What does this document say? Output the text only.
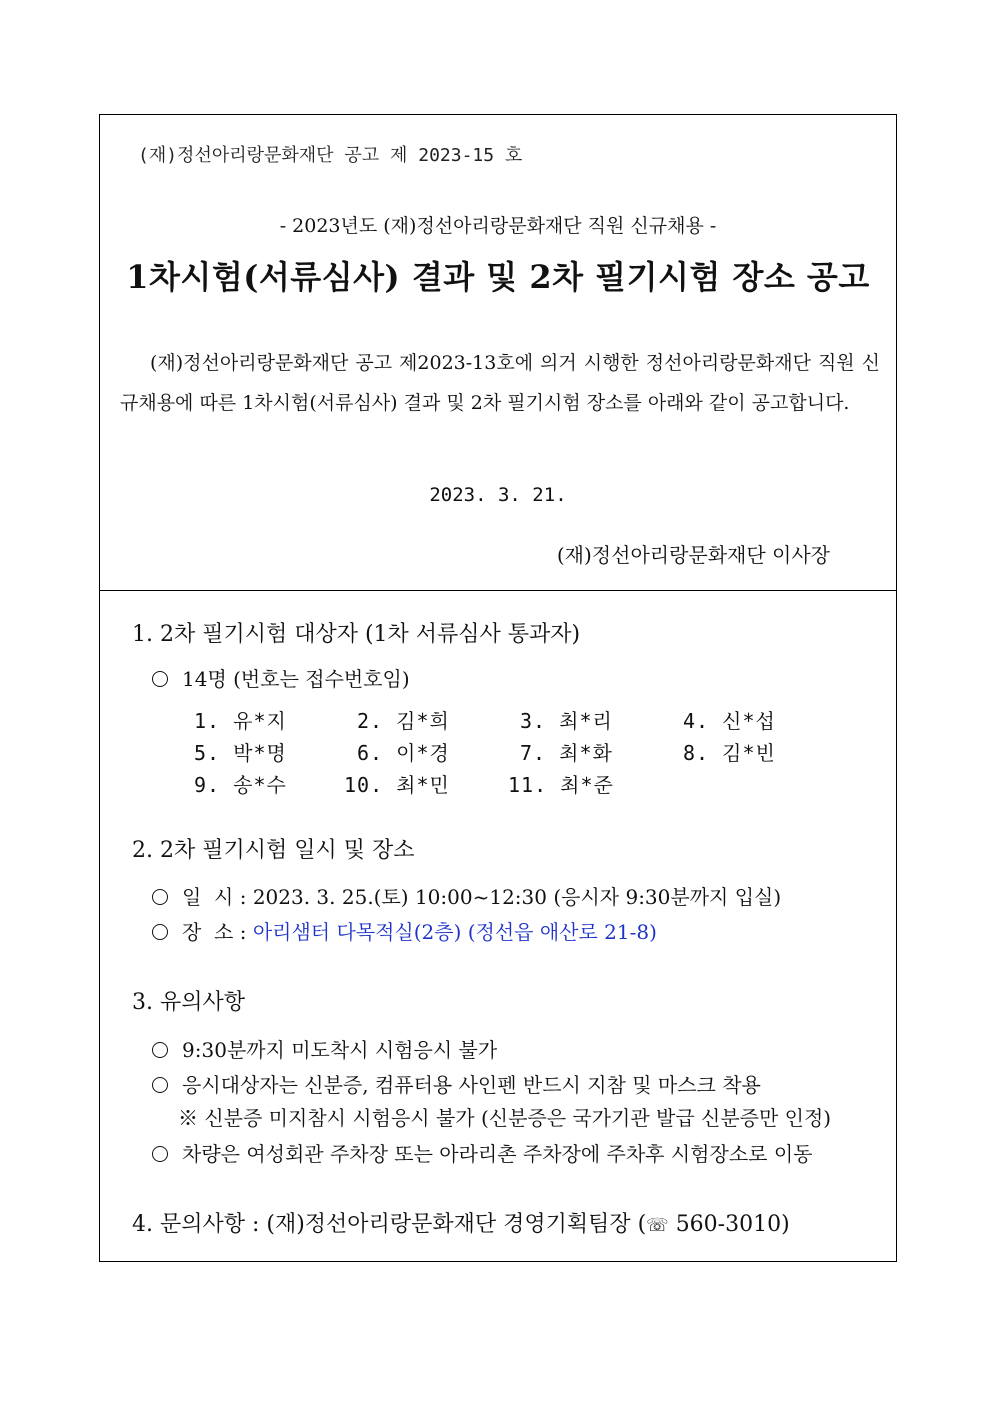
(재)정선아리랑문화재단 공고 제 2023-15 호
- 2023년도 (재)정선아리랑문화재단 직원 신규채용 -
1차시험(서류심사) 결과 및 2차 필기시험 장소 공고
(재)정선아리랑문화재단 공고 제2023-13호에 의거 시행한 정선아리랑문화재단 직원 신규채용에 따른 1차시험(서류심사) 결과 및 2차 필기시험 장소를 아래와 같이 공고합니다.
2023. 3. 21.
(재)정선아리랑문화재단 이사장
1. 2차 필기시험 대상자 (1차 서류심사 통과자)
14명 (번호는 접수번호임)
1. 유*지	2. 김*희	3. 최*리	4. 신*섭
5. 박*명	6. 이*경	7. 최*화	8. 김*빈
9. 송*수	10. 최*민	11. 최*준
2. 2차 필기시험 일시 및 장소
일  시 : 2023. 3. 25.(토) 10:00~12:30 (응시자 9:30분까지 입실)
장  소 : 아리샘터 다목적실(2층) (정선읍 애산로 21-8)
3. 유의사항
9:30분까지 미도착시 시험응시 불가
응시대상자는 신분증, 컴퓨터용 사인펜 반드시 지참 및 마스크 착용
※ 신분증 미지참시 시험응시 불가 (신분증은 국가기관 발급 신분증만 인정)
차량은 여성회관 주차장 또는 아라리촌 주차장에 주차후 시험장소로 이동
4. 문의사항 : (재)정선아리랑문화재단 경영기획팀장 (☏ 560-3010)
